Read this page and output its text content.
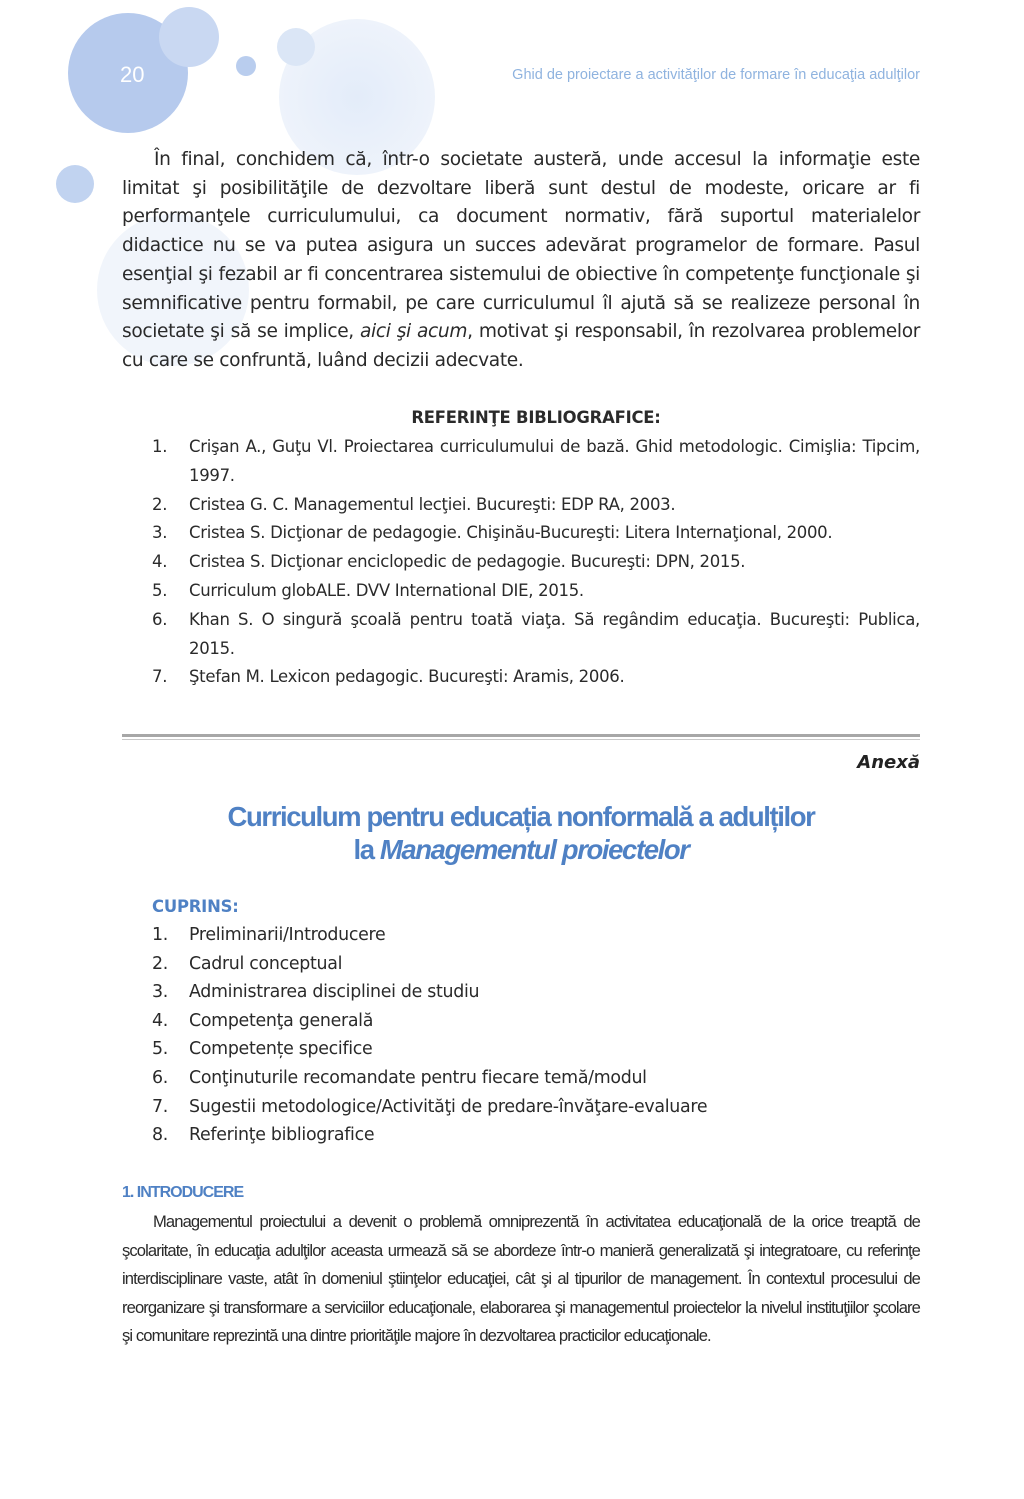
20	Ghid de proiectare a activităţilor de formare în educaţia adulţilor

În final, conchidem că, într-o societate austeră, unde accesul la informaţie este limitat şi posibilităţile de dezvoltare liberă sunt destul de modeste, oricare ar fi performanţele curriculumului, ca document normativ, fără suportul materialelor didactice nu se va putea asigura un succes adevărat programelor de formare. Pasul esenţial şi fezabil ar fi concentrarea sistemului de obiective în competenţe funcţionale şi semnificative pentru formabil, pe care curriculumul îl ajută să se realizeze personal în societate şi să se implice, aici şi acum, motivat şi responsabil, în rezolvarea problemelor cu care se confruntă, luând decizii adecvate.

REFERINŢE BIBLIOGRAFICE:
1. Crişan A., Guţu Vl. Proiectarea curriculumului de bază. Ghid metodologic. Cimişlia: Tipcim, 1997.
2. Cristea G. C. Managementul lecţiei. Bucureşti: EDP RA, 2003.
3. Cristea S. Dicţionar de pedagogie. Chişinău-Bucureşti: Litera Internaţional, 2000.
4. Cristea S. Dicţionar enciclopedic de pedagogie. Bucureşti: DPN, 2015.
5. Curriculum globALE. DVV International DIE, 2015.
6. Khan S. O singură şcoală pentru toată viaţa. Să regândim educaţia. Bucureşti: Publica, 2015.
7. Ştefan M. Lexicon pedagogic. Bucureşti: Aramis, 2006.
Anexă
Curriculum pentru educația nonformală a adulților
la Managementul proiectelor
CUPRINS:
1. Preliminarii/Introducere
2. Cadrul conceptual
3. Administrarea disciplinei de studiu
4. Competenţa generală
5. Competențe specifice
6. Conţinuturile recomandate pentru fiecare temă/modul
7. Sugestii metodologice/Activităţi de predare-învăţare-evaluare
8. Referinţe bibliografice
1. INTRODUCERE

Managementul proiectului a devenit o problemă omniprezentă în activitatea educaţională de la orice treaptă de şcolaritate, în educaţia adulţilor aceasta urmează să se abordeze într-o manieră generalizată şi integratoare, cu referinţe interdisciplinare vaste, atât în domeniul ştiinţelor educaţiei, cât şi al tipurilor de management. În contextul procesului de reorganizare şi transformare a serviciilor educaţionale, elaborarea şi managementul proiectelor la nivelul instituţiilor şcolare şi comunitare reprezintă una dintre priorităţile majore în dezvoltarea practicilor educaţionale.
